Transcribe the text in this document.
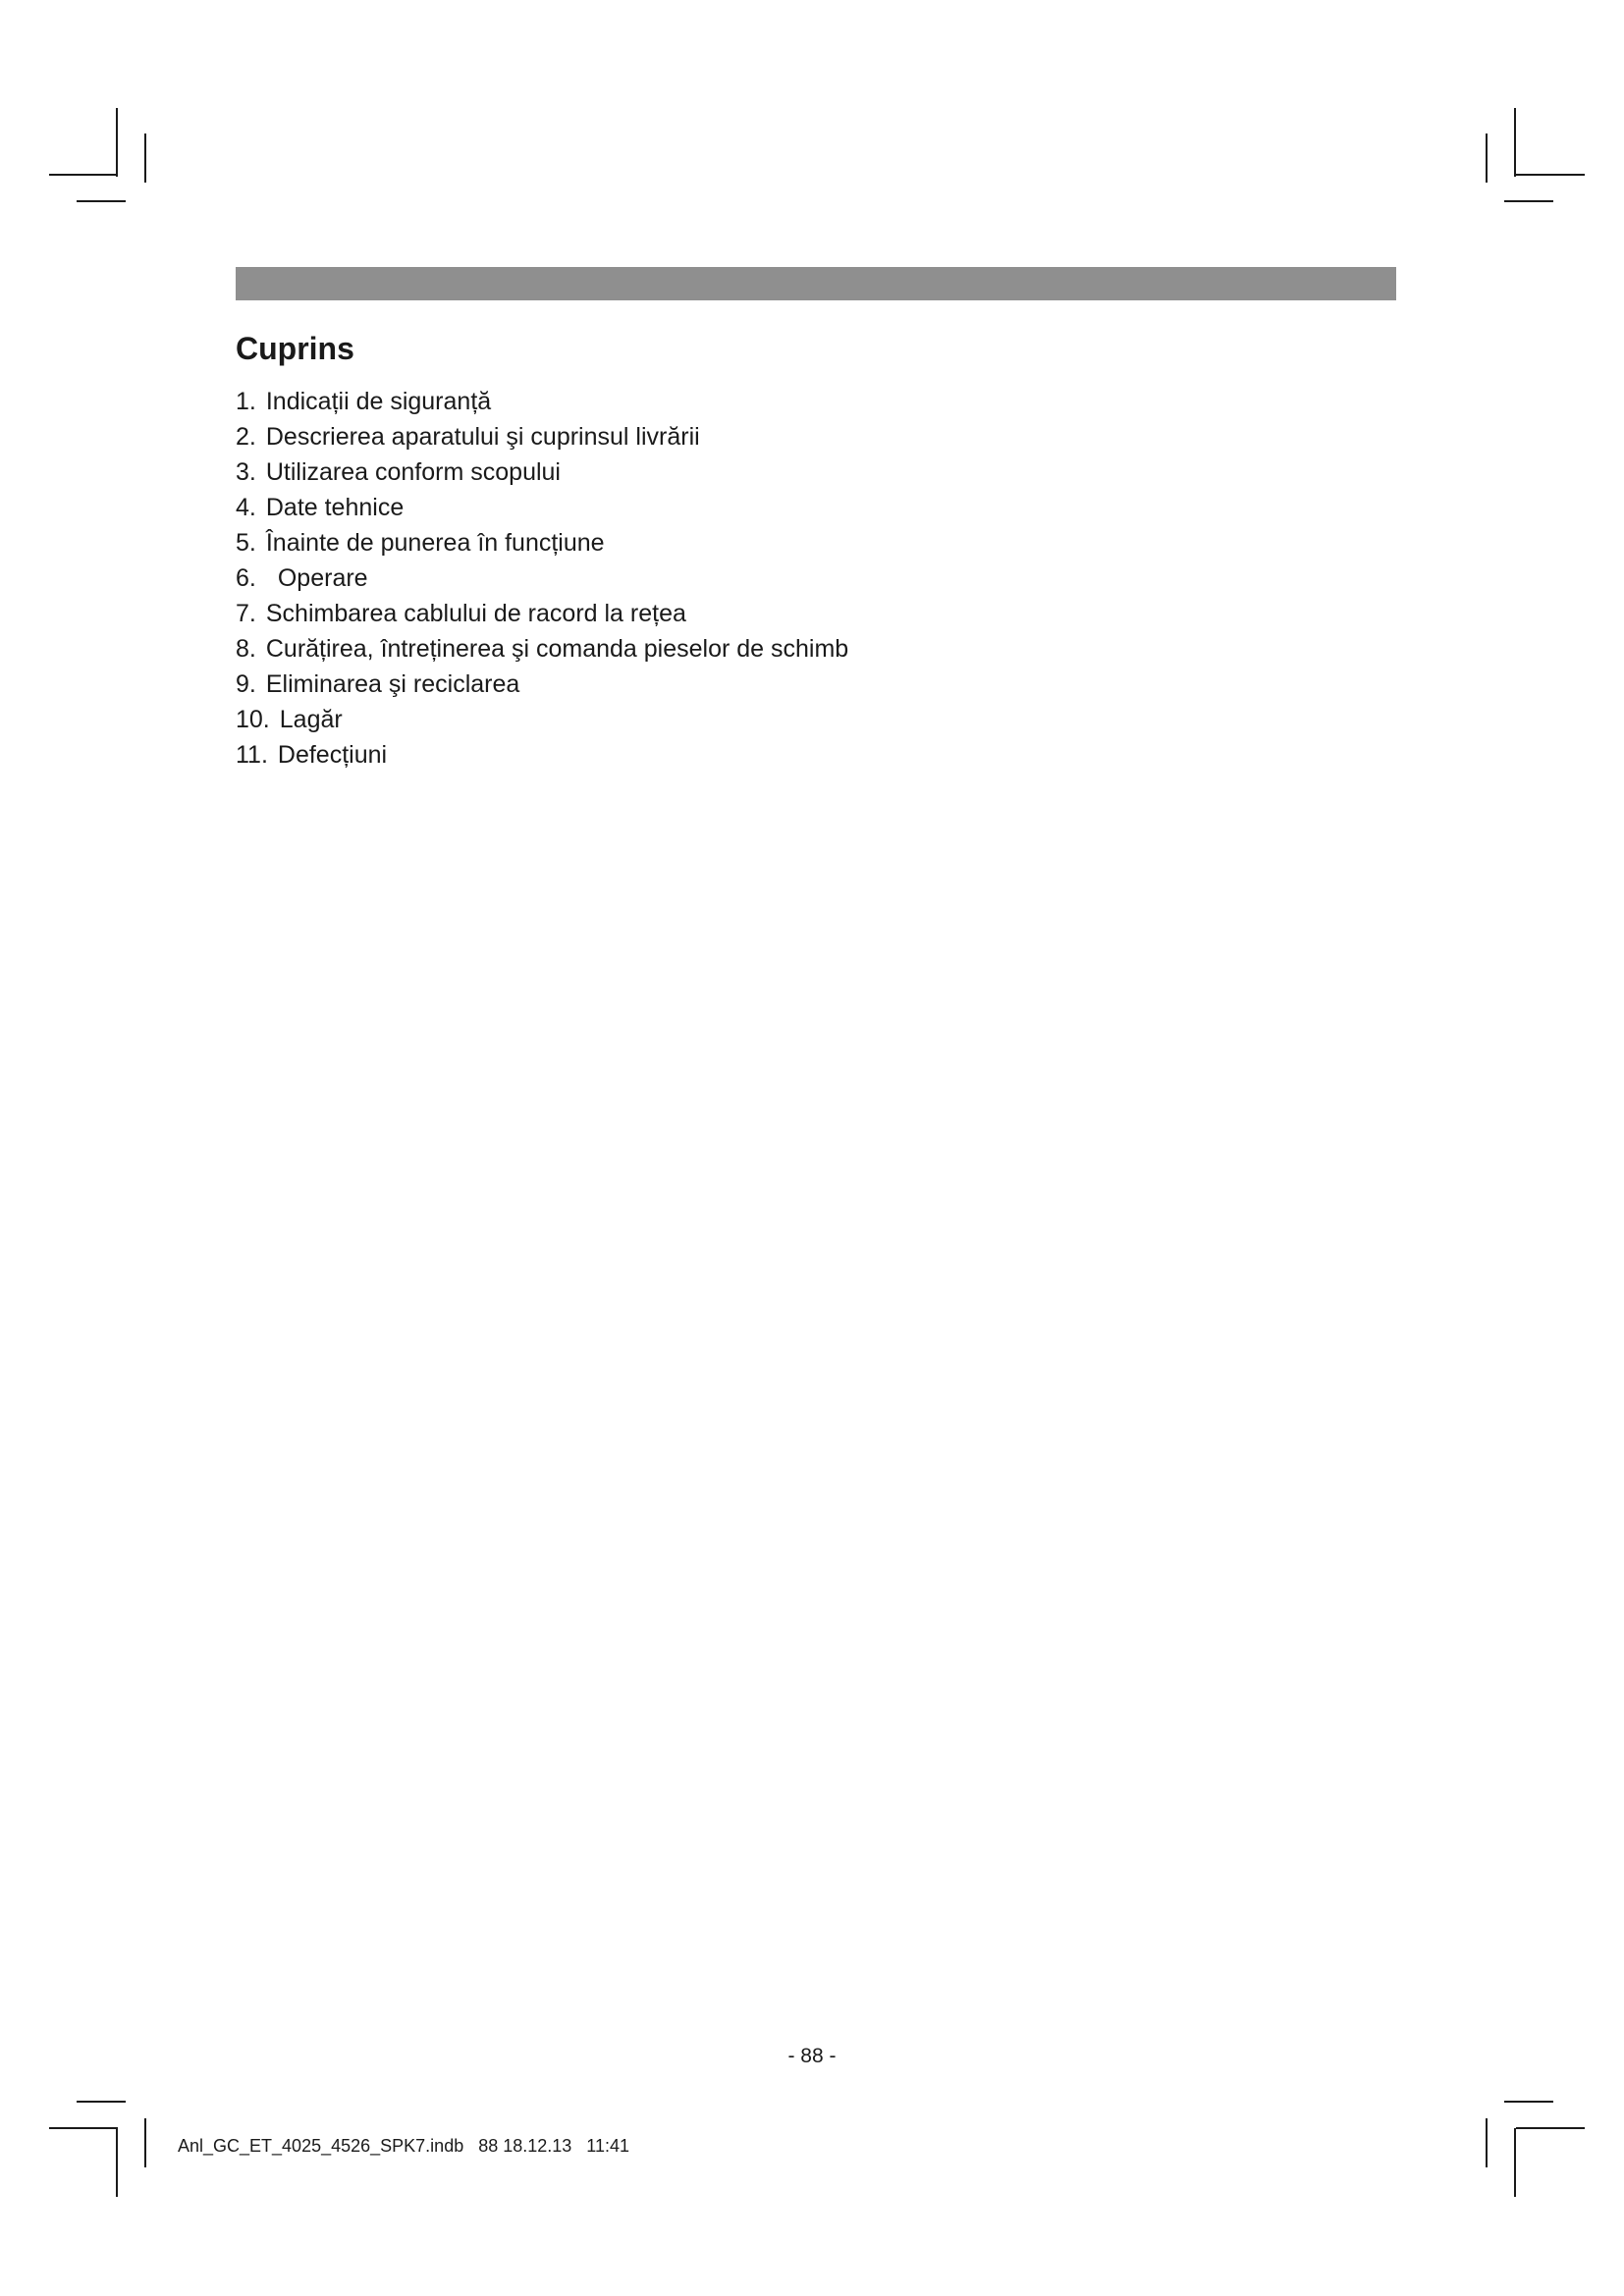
Cuprins
1. Indicații de siguranță
2. Descrierea aparatului şi cuprinsul livrării
3. Utilizarea conform scopului
4. Date tehnice
5. Înainte de punerea în funcțiune
6. Operare
7. Schimbarea cablului de racord la rețea
8. Curățirea, întreținerea şi comanda pieselor de schimb
9. Eliminarea şi reciclarea
10. Lagăr
11. Defecțiuni
- 88 -
Anl_GC_ET_4025_4526_SPK7.indb   88 18.12.13   11:41
